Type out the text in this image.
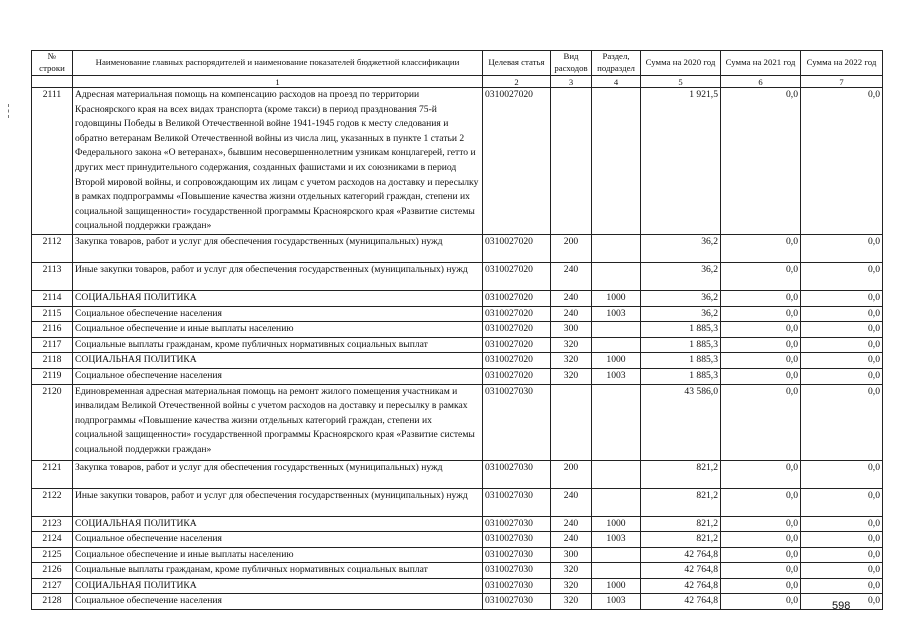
№ строки	Наименование главных распорядителей и наименование показателей бюджетной классификации	Целевая статья	Вид расходов	Раздел, подраздел	Сумма на 2020 год	Сумма на 2021 год	Сумма на 2022 год
	1	2	3	4	5	6	7
2111	Адресная материальная помощь на компенсацию расходов на проезд по территории Красноярского края на всех видах транспорта (кроме такси) в период празднования 75-й годовщины Победы в Великой Отечественной войне 1941-1945 годов к месту следования и обратно ветеранам Великой Отечественной войны из числа лиц, указанных в пункте 1 статьи 2 Федерального закона «О ветеранах», бывшим несовершеннолетним узникам концлагерей, гетто и других мест принудительного содержания, созданных фашистами и их союзниками в период Второй мировой войны, и сопровождающим их лицам с учетом расходов на доставку и пересылку в рамках подпрограммы «Повышение качества жизни отдельных категорий граждан, степени их социальной защищенности» государственной программы Красноярского края «Развитие системы социальной поддержки граждан»	0310027020			1 921,5	0,0	0,0
2112	Закупка товаров, работ и услуг для обеспечения государственных (муниципальных) нужд	0310027020	200		36,2	0,0	0,0
2113	Иные закупки товаров, работ и услуг для обеспечения государственных (муниципальных) нужд	0310027020	240		36,2	0,0	0,0
2114	СОЦИАЛЬНАЯ ПОЛИТИКА	0310027020	240	1000	36,2	0,0	0,0
2115	Социальное обеспечение населения	0310027020	240	1003	36,2	0,0	0,0
2116	Социальное обеспечение и иные выплаты населению	0310027020	300		1 885,3	0,0	0,0
2117	Социальные выплаты гражданам, кроме публичных нормативных социальных выплат	0310027020	320		1 885,3	0,0	0,0
2118	СОЦИАЛЬНАЯ ПОЛИТИКА	0310027020	320	1000	1 885,3	0,0	0,0
2119	Социальное обеспечение населения	0310027020	320	1003	1 885,3	0,0	0,0
2120	Единовременная адресная материальная помощь на ремонт жилого помещения участникам и инвалидам Великой Отечественной войны с учетом расходов на доставку и пересылку в рамках подпрограммы «Повышение качества жизни отдельных категорий граждан, степени их социальной защищенности» государственной программы Красноярского края «Развитие системы социальной поддержки граждан»	0310027030			43 586,0	0,0	0,0
2121	Закупка товаров, работ и услуг для обеспечения государственных (муниципальных) нужд	0310027030	200		821,2	0,0	0,0
2122	Иные закупки товаров, работ и услуг для обеспечения государственных (муниципальных) нужд	0310027030	240		821,2	0,0	0,0
2123	СОЦИАЛЬНАЯ ПОЛИТИКА	0310027030	240	1000	821,2	0,0	0,0
2124	Социальное обеспечение населения	0310027030	240	1003	821,2	0,0	0,0
2125	Социальное обеспечение и иные выплаты населению	0310027030	300		42 764,8	0,0	0,0
2126	Социальные выплаты гражданам, кроме публичных нормативных социальных выплат	0310027030	320		42 764,8	0,0	0,0
2127	СОЦИАЛЬНАЯ ПОЛИТИКА	0310027030	320	1000	42 764,8	0,0	0,0
2128	Социальное обеспечение населения	0310027030	320	1003	42 764,8	0,0	0,0
598
